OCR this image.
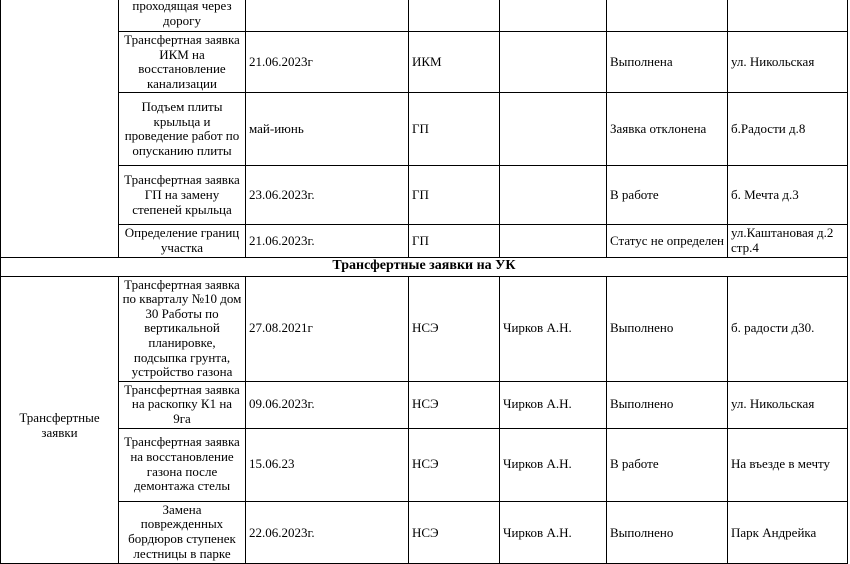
	проходящая через дорогу					
	Трансфертная заявка ИКМ на восстановление канализации	21.06.2023г	ИКМ		Выполнена	ул. Никольская
	Подъем плиты крыльца и проведение работ по опусканию плиты	май-июнь	ГП		Заявка отклонена	б.Радости д.8
	Трансфертная заявка ГП на замену степеней крыльца	23.06.2023г.	ГП		В работе	б. Мечта д.3
	Определение границ участка	21.06.2023г.	ГП		Статус не определен	ул.Каштановая д.2 стр.4
Трансфертные заявки на УК						
Трансфертные заявки	Трансфертная заявка по кварталу №10 дом 30 Работы по вертикальной планировке, подсыпка грунта, устройство газона	27.08.2021г	НСЭ	Чирков А.Н.	Выполнено	б. радости д30.
	Трансфертная заявка на раскопку К1 на 9га	09.06.2023г.	НСЭ	Чирков А.Н.	Выполнено	ул. Никольская
	Трансфертная заявка на восстановление газона после демонтажа стелы	15.06.23	НСЭ	Чирков А.Н.	В работе	На въезде в мечту
	Замена поврежденных бордюров ступенек лестницы в парке	22.06.2023г.	НСЭ	Чирков А.Н.	Выполнено	Парк Андрейка
